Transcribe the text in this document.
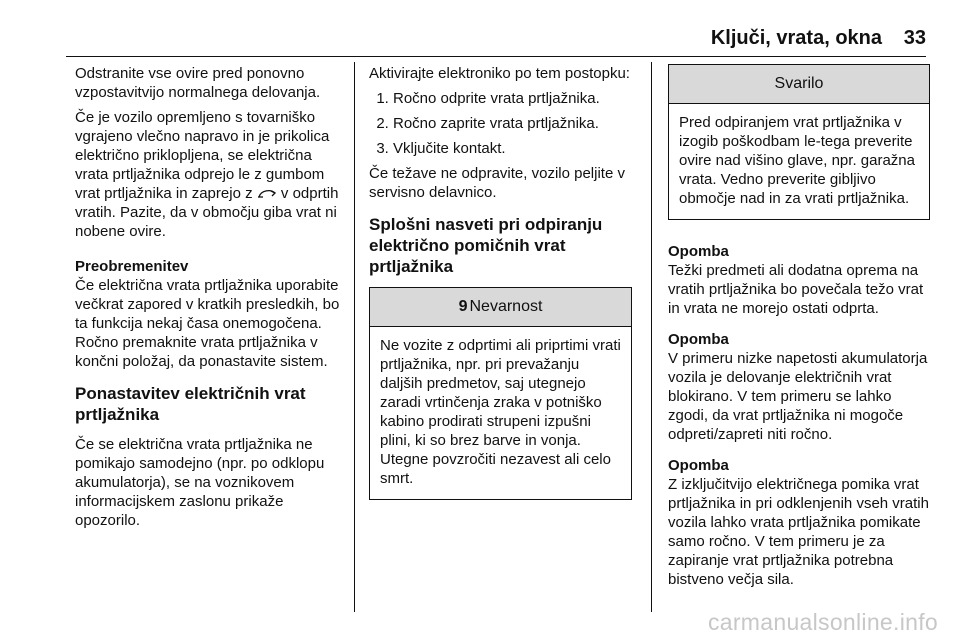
Ključi, vrata, okna 33

Odstranite vse ovire pred ponovno vzpostavitvijo normalnega delovanja.

Če je vozilo opremljeno s tovarniško vgrajeno vlečno napravo in je prikolica električno priklopljena, se električna vrata prtljažnika odprejo le z gumbom vrat prtljažnika in zaprejo z v odprtih vratih. Pazite, da v območju giba vrat ni nobene ovire.

Preobremenitev

Če električna vrata prtljažnika uporabite večkrat zapored v kratkih presledkih, bo ta funkcija nekaj časa onemogočena. Ročno premaknite vrata prtljažnika v končni položaj, da ponastavite sistem.

Ponastavitev električnih vrat prtljažnika

Če se električna vrata prtljažnika ne pomikajo samodejno (npr. po odklopu akumulatorja), se na voznikovem informacijskem zaslonu prikaže opozorilo.

Aktivirajte elektroniko po tem postopku:

1. Ročno odprite vrata prtljažnika.
2. Ročno zaprite vrata prtljažnika.
3. Vključite kontakt.

Če težave ne odpravite, vozilo peljite v servisno delavnico.

Splošni nasveti pri odpiranju električno pomičnih vrat prtljažnika
9 Nevarnost
Ne vozite z odprtimi ali priprtimi vrati prtljažnika, npr. pri prevažanju daljših predmetov, saj utegnejo zaradi vrtinčenja zraka v potniško kabino prodirati strupeni izpušni plini, ki so brez barve in vonja. Utegne povzročiti nezavest ali celo smrt.
Svarilo
Pred odpiranjem vrat prtljažnika v izogib poškodbam le-tega preverite ovire nad višino glave, npr. garažna vrata. Vedno preverite gibljivo območje nad in za vrati prtljažnika.
Opomba
Težki predmeti ali dodatna oprema na vratih prtljažnika bo povečala težo vrat in vrata ne morejo ostati odprta.
Opomba
V primeru nizke napetosti akumulatorja vozila je delovanje električnih vrat blokirano. V tem primeru se lahko zgodi, da vrat prtljažnika ni mogoče odpreti/zapreti niti ročno.
Opomba
Z izključitvijo električnega pomika vrat prtljažnika in pri odklenjenih vseh vratih vozila lahko vrata prtljažnika pomikate samo ročno. V tem primeru je za zapiranje vrat prtljažnika potrebna bistveno večja sila.
carmanualsonline.info
